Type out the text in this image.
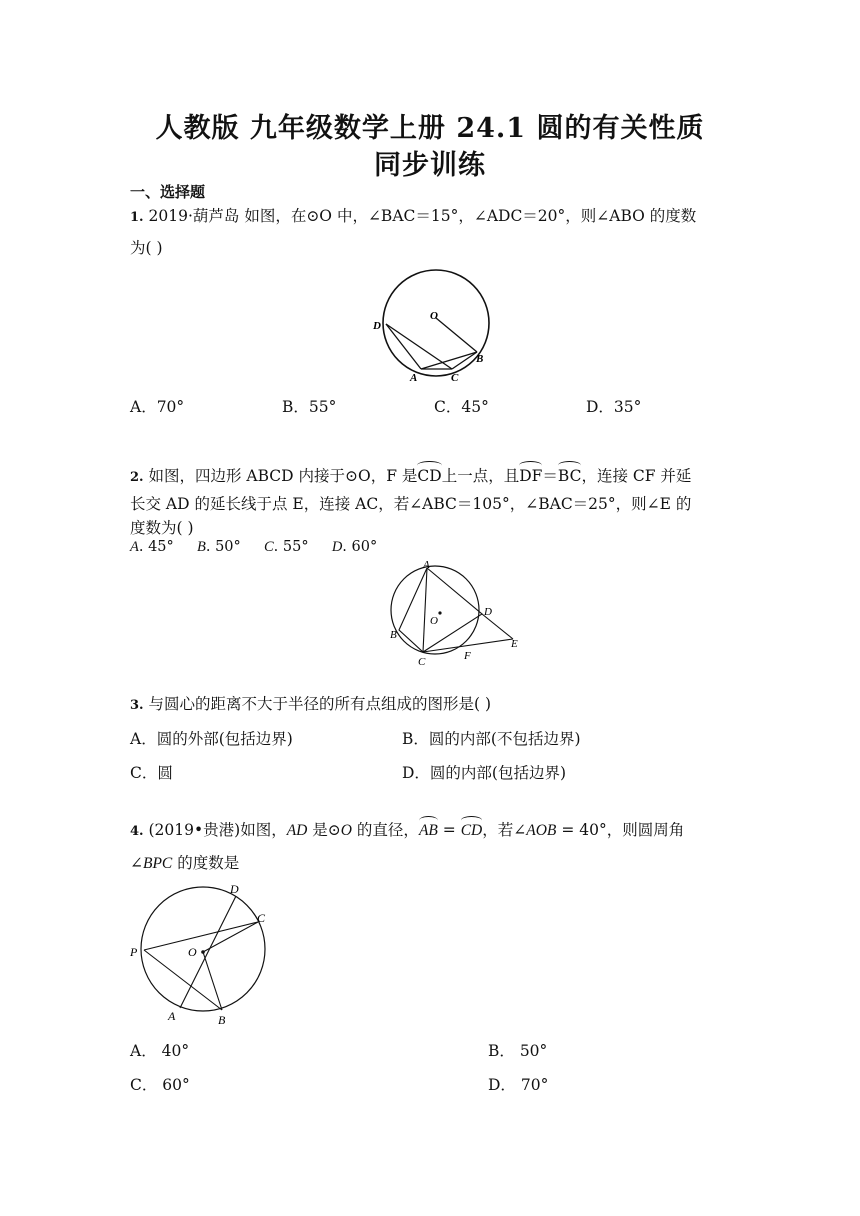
人教版 九年级数学上册 24.1 圆的有关性质
同步训练
一、选择题
1. 2019·葫芦岛 如图，在⊙O 中，∠BAC＝15°，∠ADC＝20°，则∠ABO 的度数
为( )
D
O
B
A	C
A．70°	B．55°	C．45°	D．35°
2. 如图，四边形 ABCD 内接于⊙O，F 是CD上一点，且DF＝BC，连接 CF 并延
长交 AD 的延长线于点 E，连接 AC，若∠ABC＝105°，∠BAC＝25°，则∠E 的
度数为( )
A. 45° B. 50° C. 55° D. 60°
A
O
D
B
E
C	F
3. 与圆心的距离不大于半径的所有点组成的图形是( )
A．圆的外部(包括边界)	B．圆的内部(不包括边界)
C．圆	D．圆的内部(包括边界)
4. (2019•贵港)如图，AD 是⊙O 的直径，AB = CD，若∠AOB = 40°，则圆周角
∠BPC 的度数是
D
C
P	O
A	B
A． 40°	B． 50°
C． 60°	D． 70°
